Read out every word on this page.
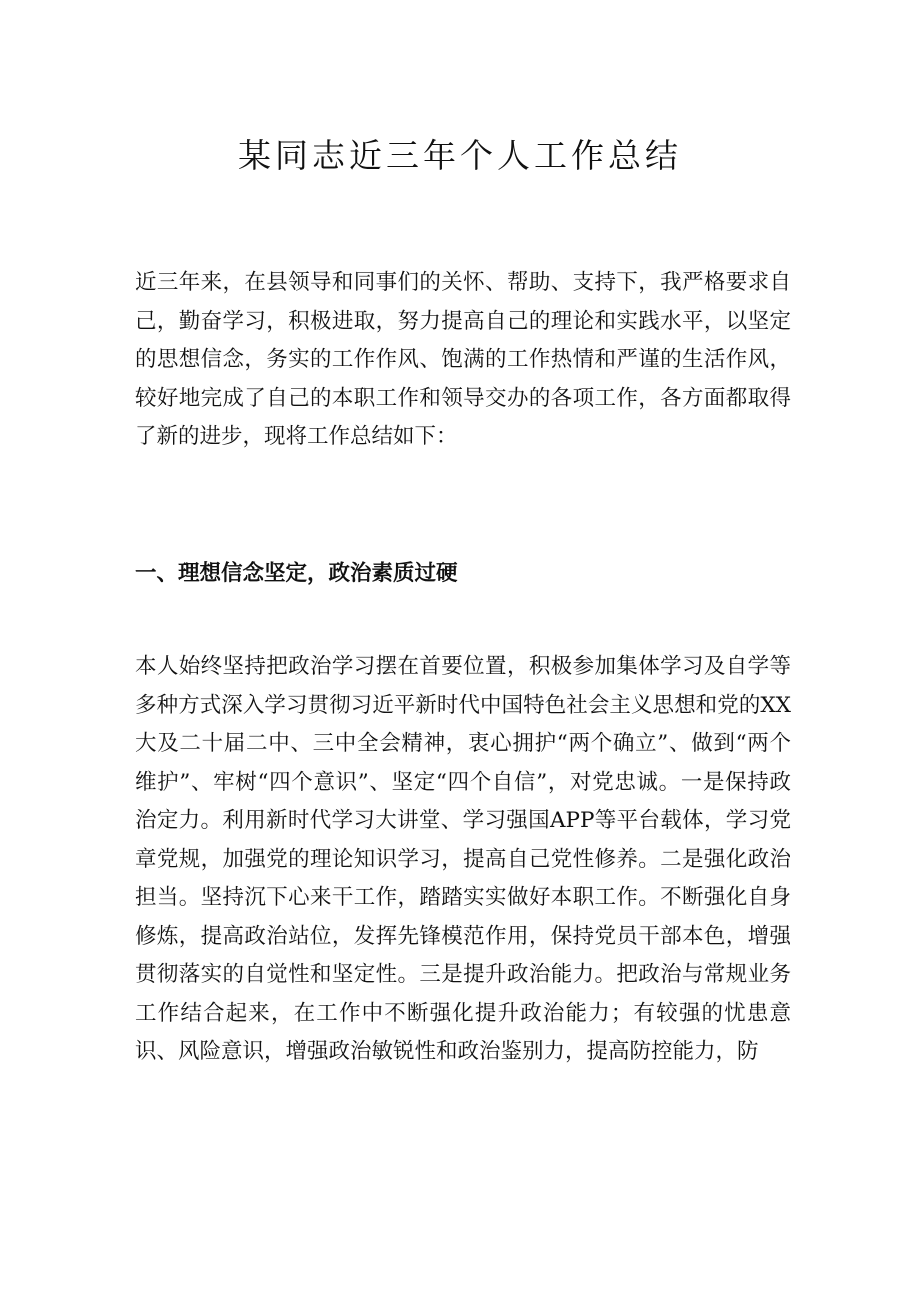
某同志近三年个人工作总结

近三年来，在县领导和同事们的关怀、帮助、支持下，我严格要求自己，勤奋学习，积极进取，努力提高自己的理论和实践水平，以坚定的思想信念，务实的工作作风、饱满的工作热情和严谨的生活作风，较好地完成了自己的本职工作和领导交办的各项工作，各方面都取得了新的进步，现将工作总结如下：

一、理想信念坚定，政治素质过硬

本人始终坚持把政治学习摆在首要位置，积极参加集体学习及自学等多种方式深入学习贯彻习近平新时代中国特色社会主义思想和党的XX大及二十届二中、三中全会精神，衷心拥护“两个确立”、做到“两个维护”、牢树“四个意识”、坚定“四个自信”，对党忠诚。一是保持政治定力。利用新时代学习大讲堂、学习强国APP等平台载体，学习党章党规，加强党的理论知识学习，提高自己党性修养。二是强化政治担当。坚持沉下心来干工作，踏踏实实做好本职工作。不断强化自身修炼，提高政治站位，发挥先锋模范作用，保持党员干部本色，增强贯彻落实的自觉性和坚定性。三是提升政治能力。把政治与常规业务工作结合起来，在工作中不断强化提升政治能力；有较强的忧患意识、风险意识，增强政治敏锐性和政治鉴别力，提高防控能力，防
